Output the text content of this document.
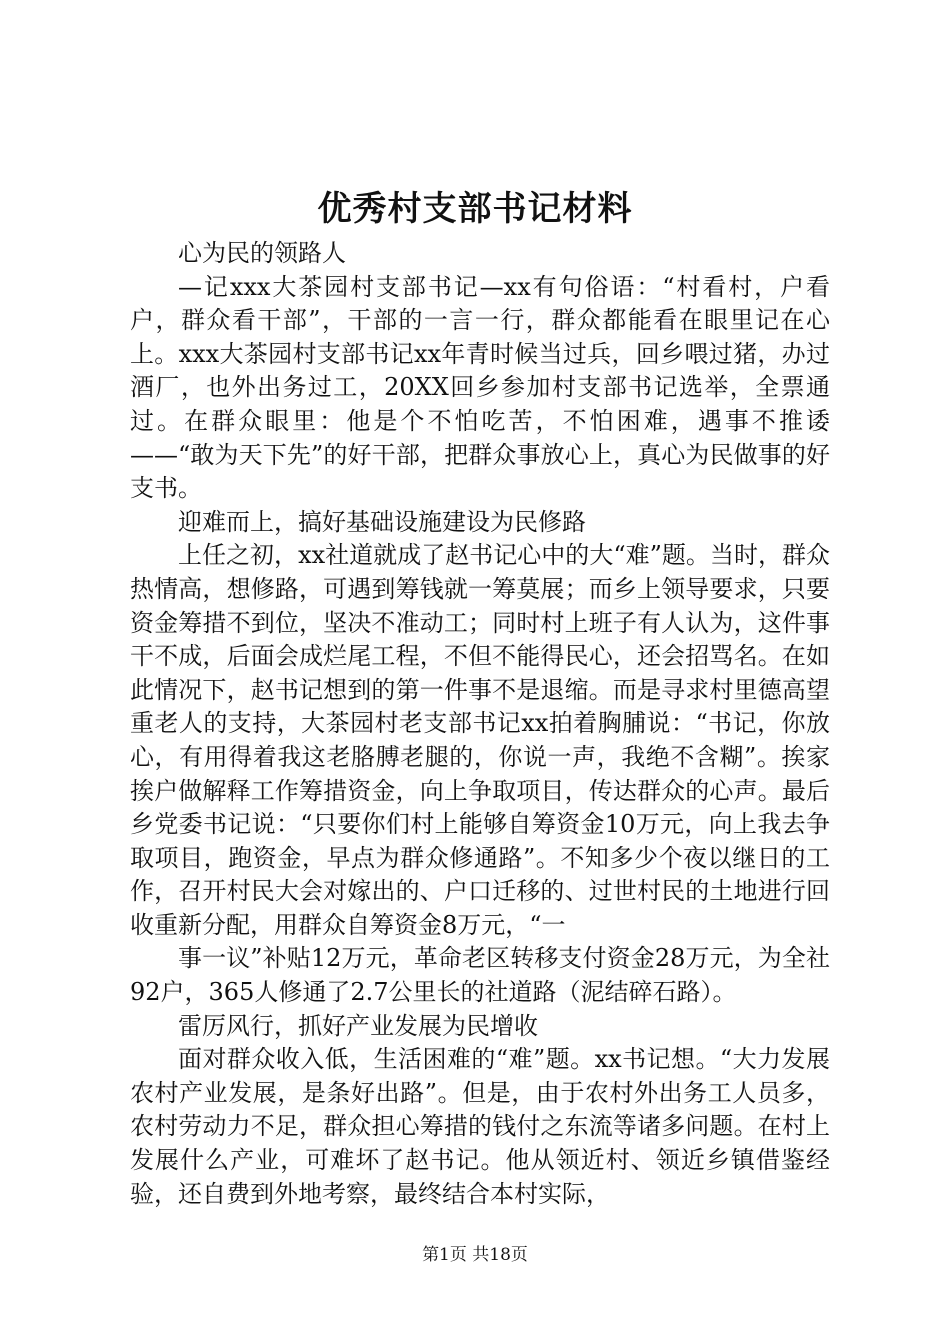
优秀村支部书记材料

心为民的领路人

—记xxx大茶园村支部书记—xx有句俗语：“村看村，户看户，群众看干部”，干部的一言一行，群众都能看在眼里记在心上。xxx大茶园村支部书记xx年青时候当过兵，回乡喂过猪，办过酒厂，也外出务过工，20XX回乡参加村支部书记选举，全票通过。在群众眼里：他是个不怕吃苦，不怕困难，遇事不推诿——“敢为天下先”的好干部，把群众事放心上，真心为民做事的好支书。

迎难而上，搞好基础设施建设为民修路

上任之初，xx社道就成了赵书记心中的大“难”题。当时，群众热情高，想修路，可遇到筹钱就一筹莫展；而乡上领导要求，只要资金筹措不到位，坚决不准动工；同时村上班子有人认为，这件事干不成，后面会成烂尾工程，不但不能得民心，还会招骂名。在如此情况下，赵书记想到的第一件事不是退缩。而是寻求村里德高望重老人的支持，大茶园村老支部书记xx拍着胸脯说：“书记，你放心，有用得着我这老胳膊老腿的，你说一声，我绝不含糊”。挨家挨户做解释工作筹措资金，向上争取项目，传达群众的心声。最后乡党委书记说：“只要你们村上能够自筹资金10万元，向上我去争取项目，跑资金，早点为群众修通路”。不知多少个夜以继日的工作，召开村民大会对嫁出的、户口迁移的、过世村民的土地进行回收重新分配，用群众自筹资金8万元，“一

事一议”补贴12万元，革命老区转移支付资金28万元，为全社92户，365人修通了2.7公里长的社道路（泥结碎石路）。

雷厉风行，抓好产业发展为民增收

面对群众收入低，生活困难的“难”题。xx书记想。“大力发展农村产业发展，是条好出路”。但是，由于农村外出务工人员多，农村劳动力不足，群众担心筹措的钱付之东流等诸多问题。在村上发展什么产业，可难坏了赵书记。他从领近村、领近乡镇借鉴经验，还自费到外地考察，最终结合本村实际，

第1页 共18页
